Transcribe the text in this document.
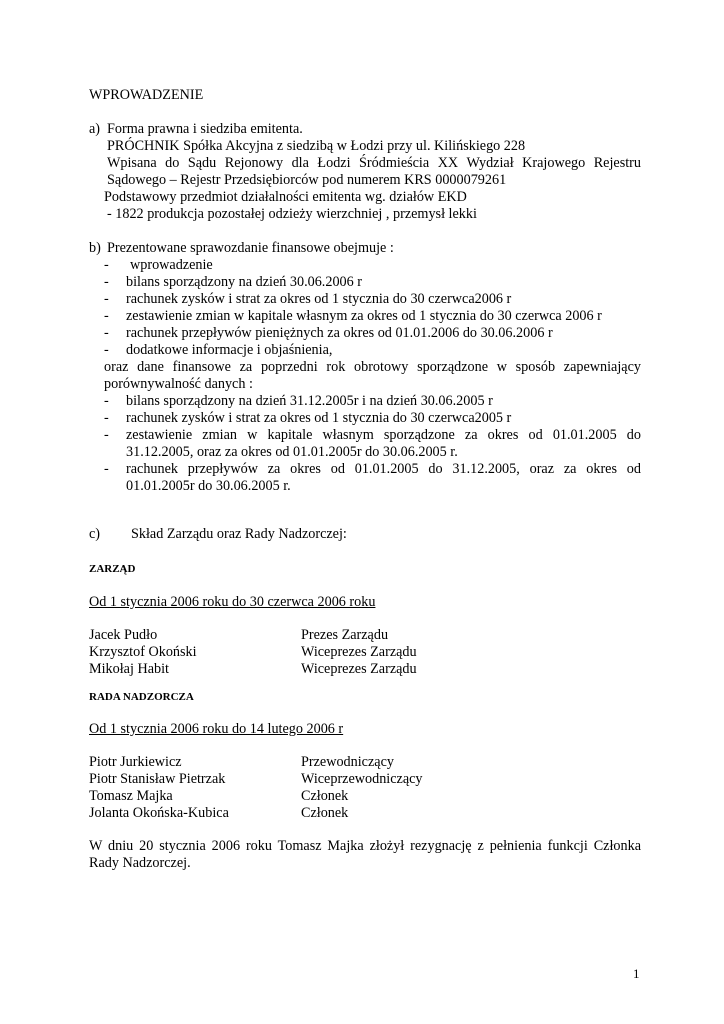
WPROWADZENIE
a) Forma prawna i siedziba emitenta.
PRÓCHNIK Spółka Akcyjna z siedzibą w Łodzi przy ul. Kilińskiego 228
Wpisana do Sądu Rejonowy dla Łodzi Śródmieścia XX Wydział Krajowego Rejestru
Sądowego – Rejestr Przedsiębiorców pod numerem KRS 0000079261
Podstawowy przedmiot działalności emitenta wg. działów EKD
- 1822 produkcja pozostałej odzieży wierzchniej , przemysł lekki
b) Prezentowane sprawozdanie finansowe obejmuje :
-	wprowadzenie
-	bilans sporządzony na dzień 30.06.2006 r
-	rachunek zysków i strat za okres od 1 stycznia do 30 czerwca2006 r
-	zestawienie zmian w kapitale własnym za okres od 1 stycznia do 30 czerwca 2006 r
-	rachunek przepływów pieniężnych za okres od 01.01.2006 do 30.06.2006 r
-	dodatkowe informacje i objaśnienia,
oraz dane finansowe za poprzedni rok obrotowy sporządzone w sposób zapewniający
porównywalność danych :
-	bilans sporządzony na dzień 31.12.2005r i na dzień 30.06.2005 r
-	rachunek zysków i strat za okres od 1 stycznia do 30 czerwca2005 r
-	zestawienie zmian w kapitale własnym sporządzone za okres od 01.01.2005 do
31.12.2005, oraz za okres od 01.01.2005r do 30.06.2005 r.
-	rachunek przepływów za okres od 01.01.2005 do 31.12.2005, oraz za okres od
01.01.2005r do 30.06.2005 r.
c) Skład Zarządu oraz Rady Nadzorczej:
ZARZĄD
Od 1 stycznia 2006 roku do 30 czerwca 2006 roku
Jacek Pudło	Prezes Zarządu
Krzysztof Okoński	Wiceprezes Zarządu
Mikołaj Habit	Wiceprezes Zarządu
RADA NADZORCZA
Od 1 stycznia 2006 roku do 14 lutego 2006 r
Piotr Jurkiewicz	Przewodniczący
Piotr Stanisław Pietrzak	Wiceprzewodniczący
Tomasz Majka	Członek
Jolanta Okońska-Kubica	Członek
W dniu 20 stycznia 2006 roku Tomasz Majka złożył rezygnację z pełnienia funkcji Członka
Rady Nadzorczej.
1
